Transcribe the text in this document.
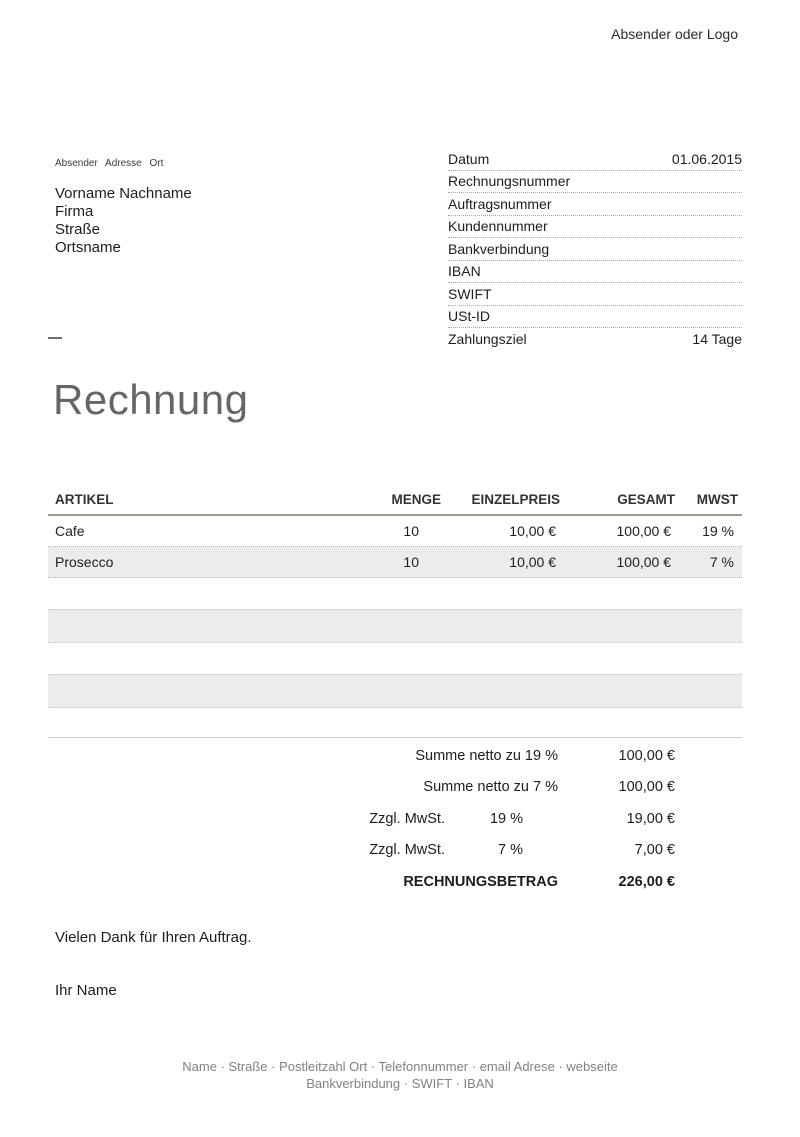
Absender oder Logo

Absender Adresse Ort

Vorname Nachname
Firma
Straße
Ortsname
Datum	01.06.2015
Rechnungsnummer
Auftragsnummer
Kundennummer
Bankverbindung
IBAN
SWIFT
USt-ID
Zahlungsziel	14 Tage
Rechnung
ARTIKEL	MENGE	EINZELPREIS	GESAMT	MWST
Cafe	10	10,00 €	100,00 €	19 %
Prosecco	10	10,00 €	100,00 €	7 %
Summe netto zu 19 %	100,00 €
Summe netto zu 7 %	100,00 €
Zzgl. MwSt.	19 %	19,00 €
Zzgl. MwSt.	7 %	7,00 €
RECHNUNGSBETRAG	226,00 €
Vielen Dank für Ihren Auftrag.
Ihr Name
Name · Straße · Postleitzahl Ort · Telefonnummer · email Adrese · webseite
Bankverbindung · SWIFT · IBAN
